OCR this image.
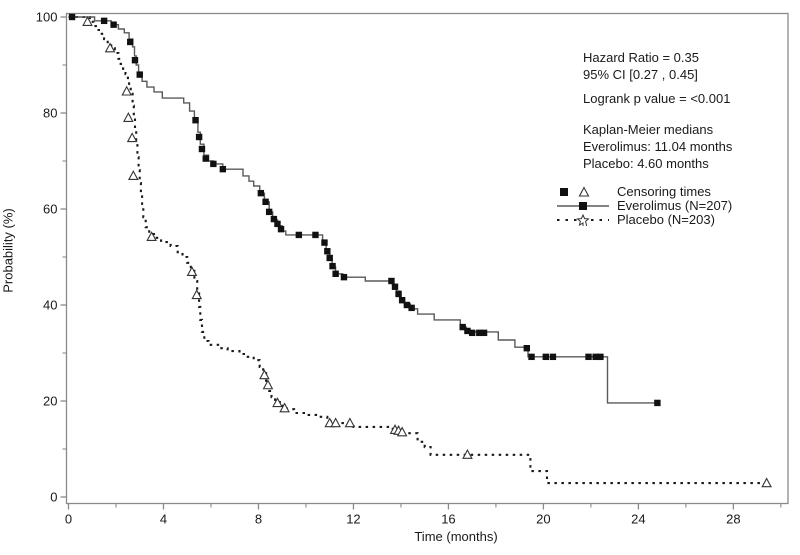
0	4	8	12	16	20	24	28
0
20
40
60
80
100
Probability (%)
Time (months)
Hazard Ratio = 0.35
95% CI [0.27 , 0.45]
Logrank p value = <0.001
Kaplan-Meier medians
Everolimus: 11.04 months
Placebo: 4.60 months
Censoring times
Everolimus (N=207)
Placebo (N=203)
